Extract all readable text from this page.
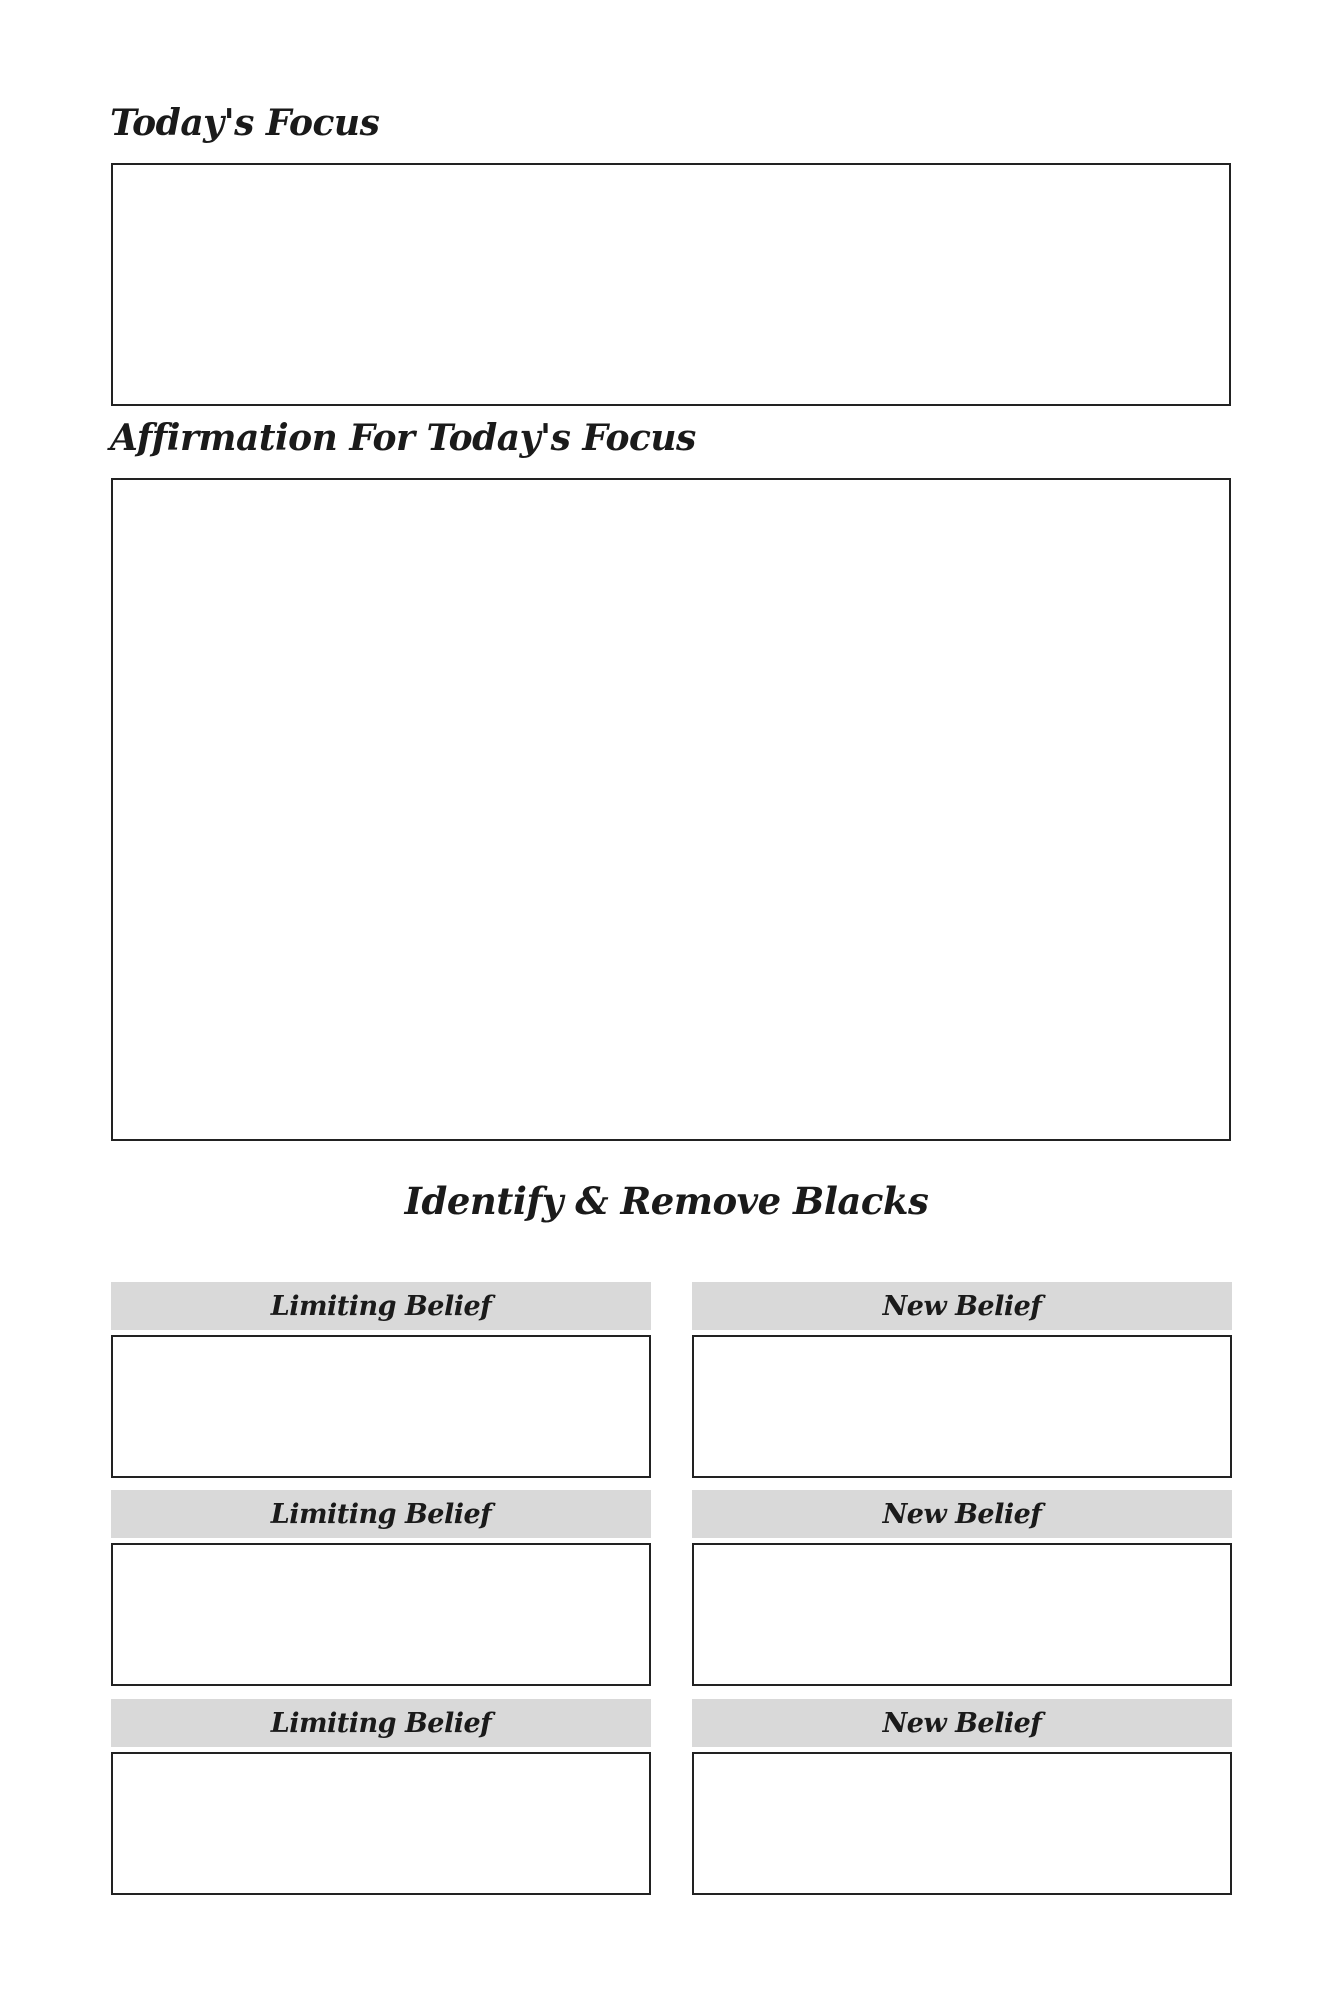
Today's Focus
Affirmation For Today's Focus
Identify & Remove Blacks
Limiting Belief	New Belief
Limiting Belief	New Belief
Limiting Belief	New Belief
